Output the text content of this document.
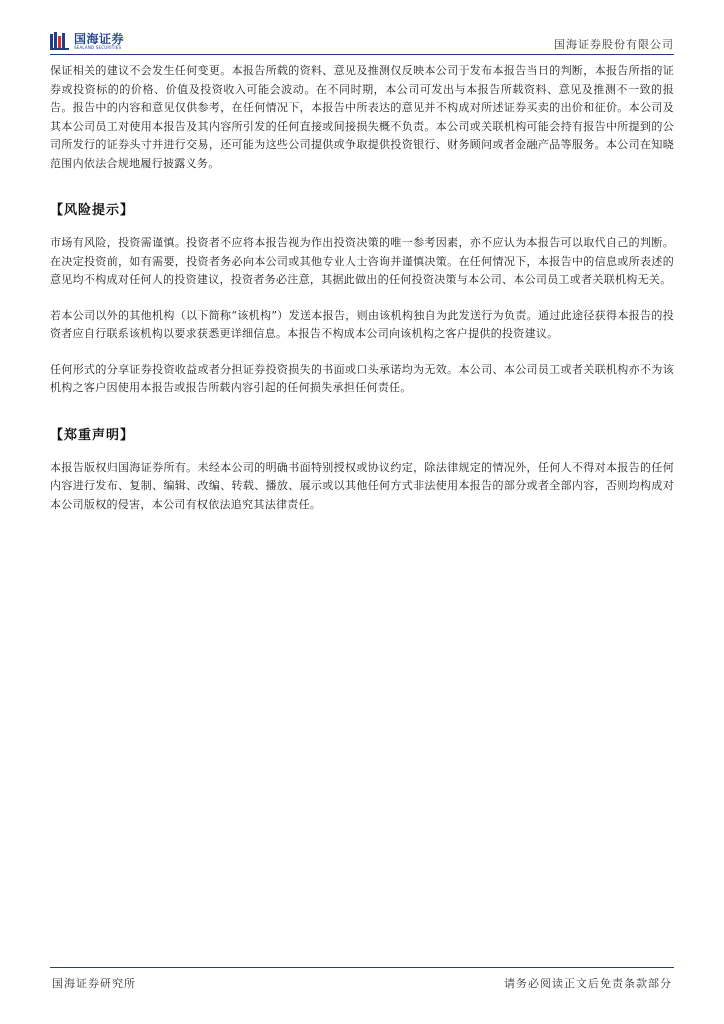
国海证券
SEALAND SECURITIES	国海证券股份有限公司

保证相关的建议不会发生任何变更。本报告所载的资料、意见及推测仅反映本公司于发布本报告当日的判断，本报告所指的证券或投资标的的价格、价值及投资收入可能会波动。在不同时期，本公司可发出与本报告所载资料、意见及推测不一致的报告。报告中的内容和意见仅供参考，在任何情况下，本报告中所表达的意见并不构成对所述证券买卖的出价和征价。本公司及其本公司员工对使用本报告及其内容所引发的任何直接或间接损失概不负责。本公司或关联机构可能会持有报告中所提到的公司所发行的证券头寸并进行交易，还可能为这些公司提供或争取提供投资银行、财务顾问或者金融产品等服务。本公司在知晓范围内依法合规地履行披露义务。

【风险提示】

市场有风险，投资需谨慎。投资者不应将本报告视为作出投资决策的唯一参考因素，亦不应认为本报告可以取代自己的判断。在决定投资前，如有需要，投资者务必向本公司或其他专业人士咨询并谨慎决策。在任何情况下，本报告中的信息或所表述的意见均不构成对任何人的投资建议，投资者务必注意，其据此做出的任何投资决策与本公司、本公司员工或者关联机构无关。

若本公司以外的其他机构（以下简称“该机构”）发送本报告，则由该机构独自为此发送行为负责。通过此途径获得本报告的投资者应自行联系该机构以要求获悉更详细信息。本报告不构成本公司向该机构之客户提供的投资建议。

任何形式的分享证券投资收益或者分担证券投资损失的书面或口头承诺均为无效。本公司、本公司员工或者关联机构亦不为该机构之客户因使用本报告或报告所载内容引起的任何损失承担任何责任。

【郑重声明】

本报告版权归国海证券所有。未经本公司的明确书面特别授权或协议约定，除法律规定的情况外，任何人不得对本报告的任何内容进行发布、复制、编辑、改编、转载、播放、展示或以其他任何方式非法使用本报告的部分或者全部内容，否则均构成对本公司版权的侵害，本公司有权依法追究其法律责任。

国海证券研究所	请务必阅读正文后免责条款部分
